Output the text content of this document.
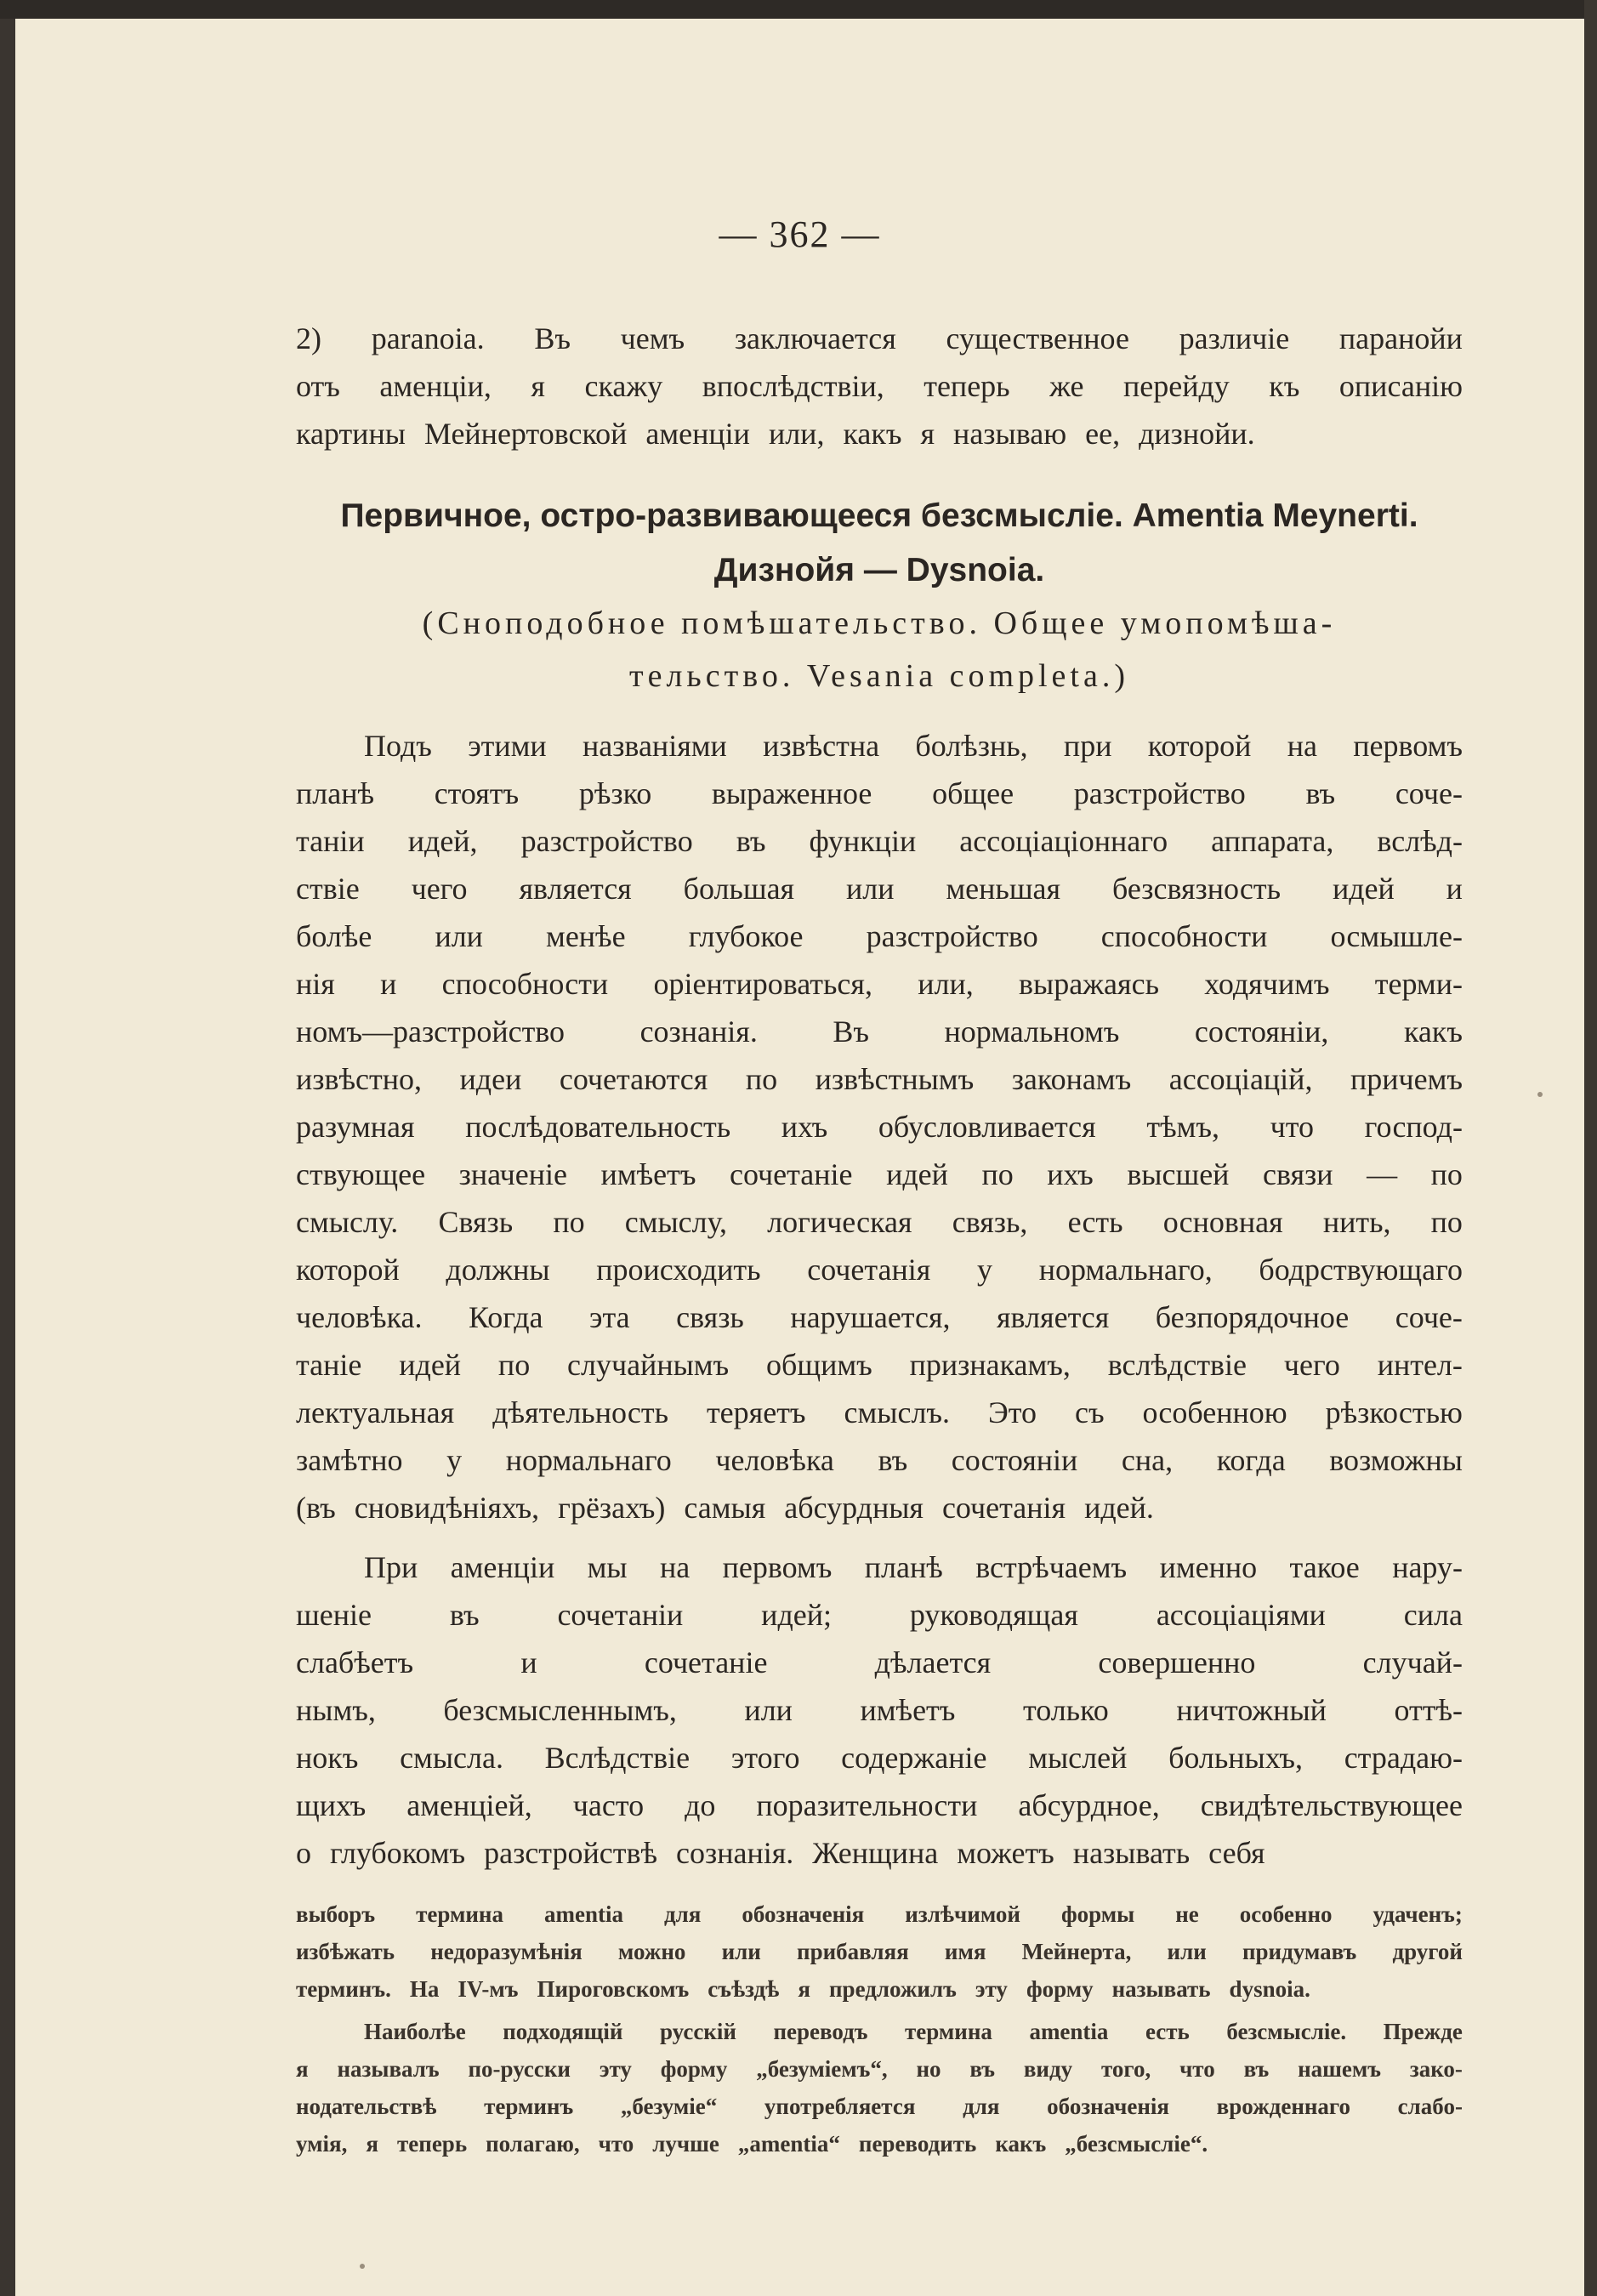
— 362 —
2) paranoia. Въ чемъ заключается существенное различіе паранойи
отъ аменціи, я скажу впослѣдствіи, теперь же перейду къ описанію
картины Мейнертовской аменціи или, какъ я называю ее, дизнойи.
Первичное, остро-развивающееся безсмысліе. Amentia Meynerti.
Дизнойя — Dysnoia.
(Сноподобное помѣшательство. Общее умопомѣша-
тельство. Vesania completa.)
Подъ этими названіями извѣстна болѣзнь, при которой на первомъ
планѣ стоятъ рѣзко выраженное общее разстройство въ сочe-
таніи идей, разстройство въ функціи ассоціаціоннаго аппарата, вслѣд-
ствіе чего является большая или меньшая безсвязность идей и
болѣе или менѣе глубокое разстройство способности осмышле-
нія и способности оріентироваться, или, выражаясь ходячимъ терми-
номъ—разстройство сознанія. Въ нормальномъ состояніи, какъ
извѣстно, идеи сочетаются по извѣстнымъ законамъ ассоціацій, причемъ
разумная послѣдовательность ихъ обусловливается тѣмъ, что господ-
ствующее значеніе имѣетъ сочетаніе идей по ихъ высшей связи — по
смыслу. Связь по смыслу, логическая связь, есть основная нить, по
которой должны происходить сочетанія у нормальнаго, бодрствующаго
человѣка. Когда эта связь нарушается, является безпорядочное соче-
таніе идей по случайнымъ общимъ признакамъ, вслѣдствіе чего интел-
лектуальная дѣятельность теряетъ смыслъ. Это съ особенною рѣзкостью
замѣтно у нормальнаго человѣка въ состояніи сна, когда возможны
(въ сновидѣніяхъ, грёзахъ) самыя абсурдныя сочетанія идей.
При аменціи мы на первомъ планѣ встрѣчаемъ именно такое нару-
шеніе	въ	сочетаніи	идей;	руководящая	ассоціаціями	сила
слабѣетъ	и	сочетаніе	дѣлается	совершенно	случай-
нымъ, безсмысленнымъ, или имѣетъ только ничтожный оттѣ-
нокъ смысла. Вслѣдствіе этого содержаніе мыслей больныхъ, страдаю-
щихъ аменціей, часто до поразительности абсурдное, свидѣтельствующее
о глубокомъ разстройствѣ сознанія. Женщина можетъ называть себя
выборъ термина amentia для обозначенія излѣчимой формы не особенно удаченъ;
избѣжать недоразумѣнія можно или прибавляя имя Мейнерта, или придумавъ другой
терминъ. На IV-мъ Пироговскомъ съѣздѣ я предложилъ эту форму называть dysnoia.
Наиболѣе подходящій русскій переводъ термина amentia есть безсмысліе. Прежде
я называлъ по-русски эту форму „безуміемъ“, но въ виду того, что въ нашемъ зако-
нодательствѣ терминъ „безуміе“ употребляется для обозначенія врожденнаго слабо-
умія, я теперь полагаю, что лучше „amentia“ переводить какъ „безсмысліе“.
